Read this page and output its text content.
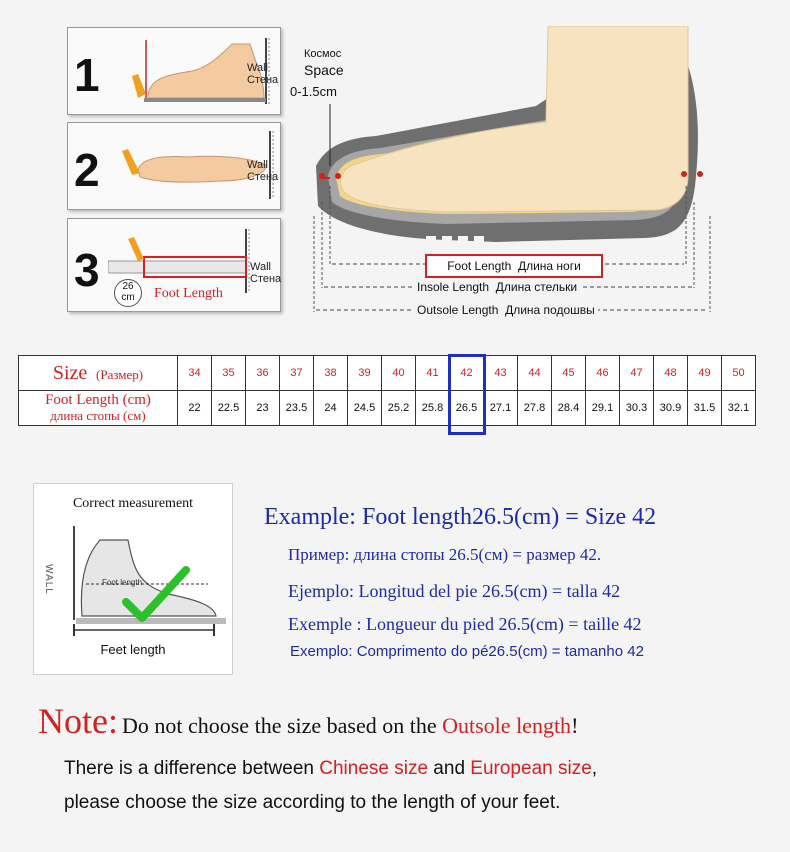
1	Wall
Стена
2	Wall
Стена
3	26
cm	Foot Length
Wall
Стена
Космос
Space
0-1.5cm
Foot Length Длина ноги
Insole Length Длина стельки
Outsole Length Длина подошвы
Size (Размер)	34	35	36	37	38	39	40	41	42	43	44	45	46	47	48	49	50

Foot Length (cm)
длина стопы (см)	22	22.5	23	23.5	24	24.5	25.2	25.8	26.5	27.1	27.8	28.4	29.1	30.3	30.9	31.5	32.1
Correct measurement
WALL	Foot length
Feet length
Example: Foot length26.5(cm) = Size 42
Пример: длина стопы 26.5(см) = размер 42.
Ejemplo: Longitud del pie 26.5(cm) = talla 42
Exemple : Longueur du pied 26.5(cm) = taille 42
Exemplo: Comprimento do pé26.5(cm) = tamanho 42
Note: Do not choose the size based on the Outsole length!
There is a difference between Chinese size and European size,
please choose the size according to the length of your feet.
